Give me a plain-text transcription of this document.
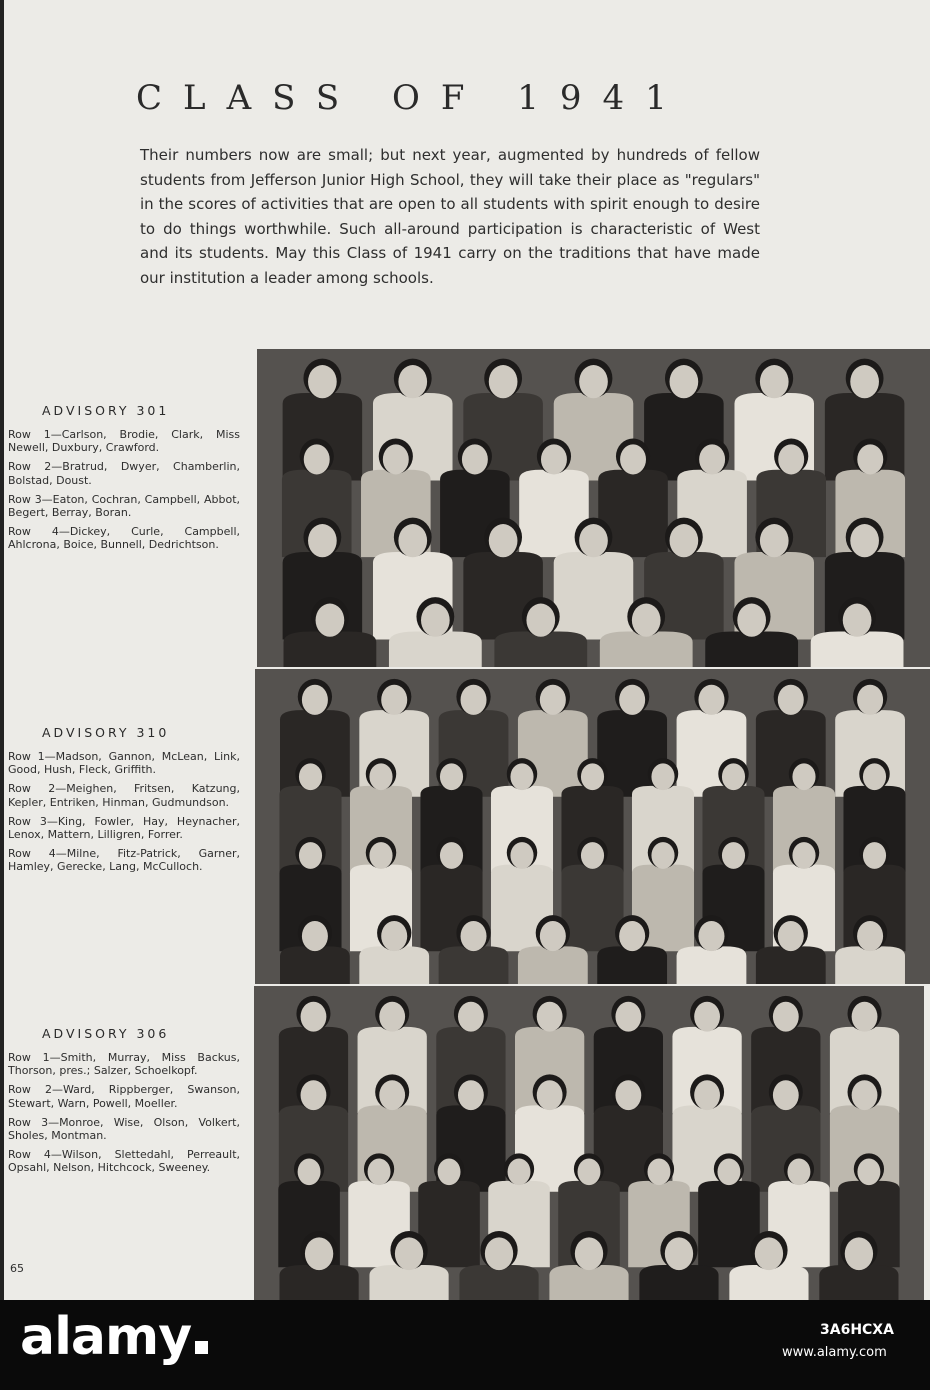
CLASS OF 1941

Their numbers now are small; but next year, augmented by hundreds of fellow students from Jefferson Junior High School, they will take their place as "regulars" in the scores of activities that are open to all students with spirit enough to desire to do things worthwhile. Such all-around participation is characteristic of West and its students. May this Class of 1941 carry on the traditions that have made our institution a leader among schools.

ADVISORY 301

Row 1—Carlson, Brodie, Clark, Miss Newell, Duxbury, Crawford.

Row 2—Bratrud, Dwyer, Chamberlin, Bolstad, Doust.

Row 3—Eaton, Cochran, Campbell, Abbot, Begert, Berray, Boran.

Row 4—Dickey, Curle, Campbell, Ahlcrona, Boice, Bunnell, Dedrichtson.

ADVISORY 310

Row 1—Madson, Gannon, McLean, Link, Good, Hush, Fleck, Griffith.

Row 2—Meighen, Fritsen, Katzung, Kepler, Entriken, Hinman, Gudmundson.

Row 3—King, Fowler, Hay, Heynacher, Lenox, Mattern, Lilligren, Forrer.

Row 4—Milne, Fitz-Patrick, Garner, Hamley, Gerecke, Lang, McCulloch.

ADVISORY 306

Row 1—Smith, Murray, Miss Backus, Thorson, pres.; Salzer, Schoelkopf.

Row 2—Ward, Rippberger, Swanson, Stewart, Warn, Powell, Moeller.

Row 3—Monroe, Wise, Olson, Volkert, Sholes, Montman.

Row 4—Wilson, Slettedahl, Perreault, Opsahl, Nelson, Hitchcock, Sweeney.

65
alamy	3A6HCXA
www.alamy.com
